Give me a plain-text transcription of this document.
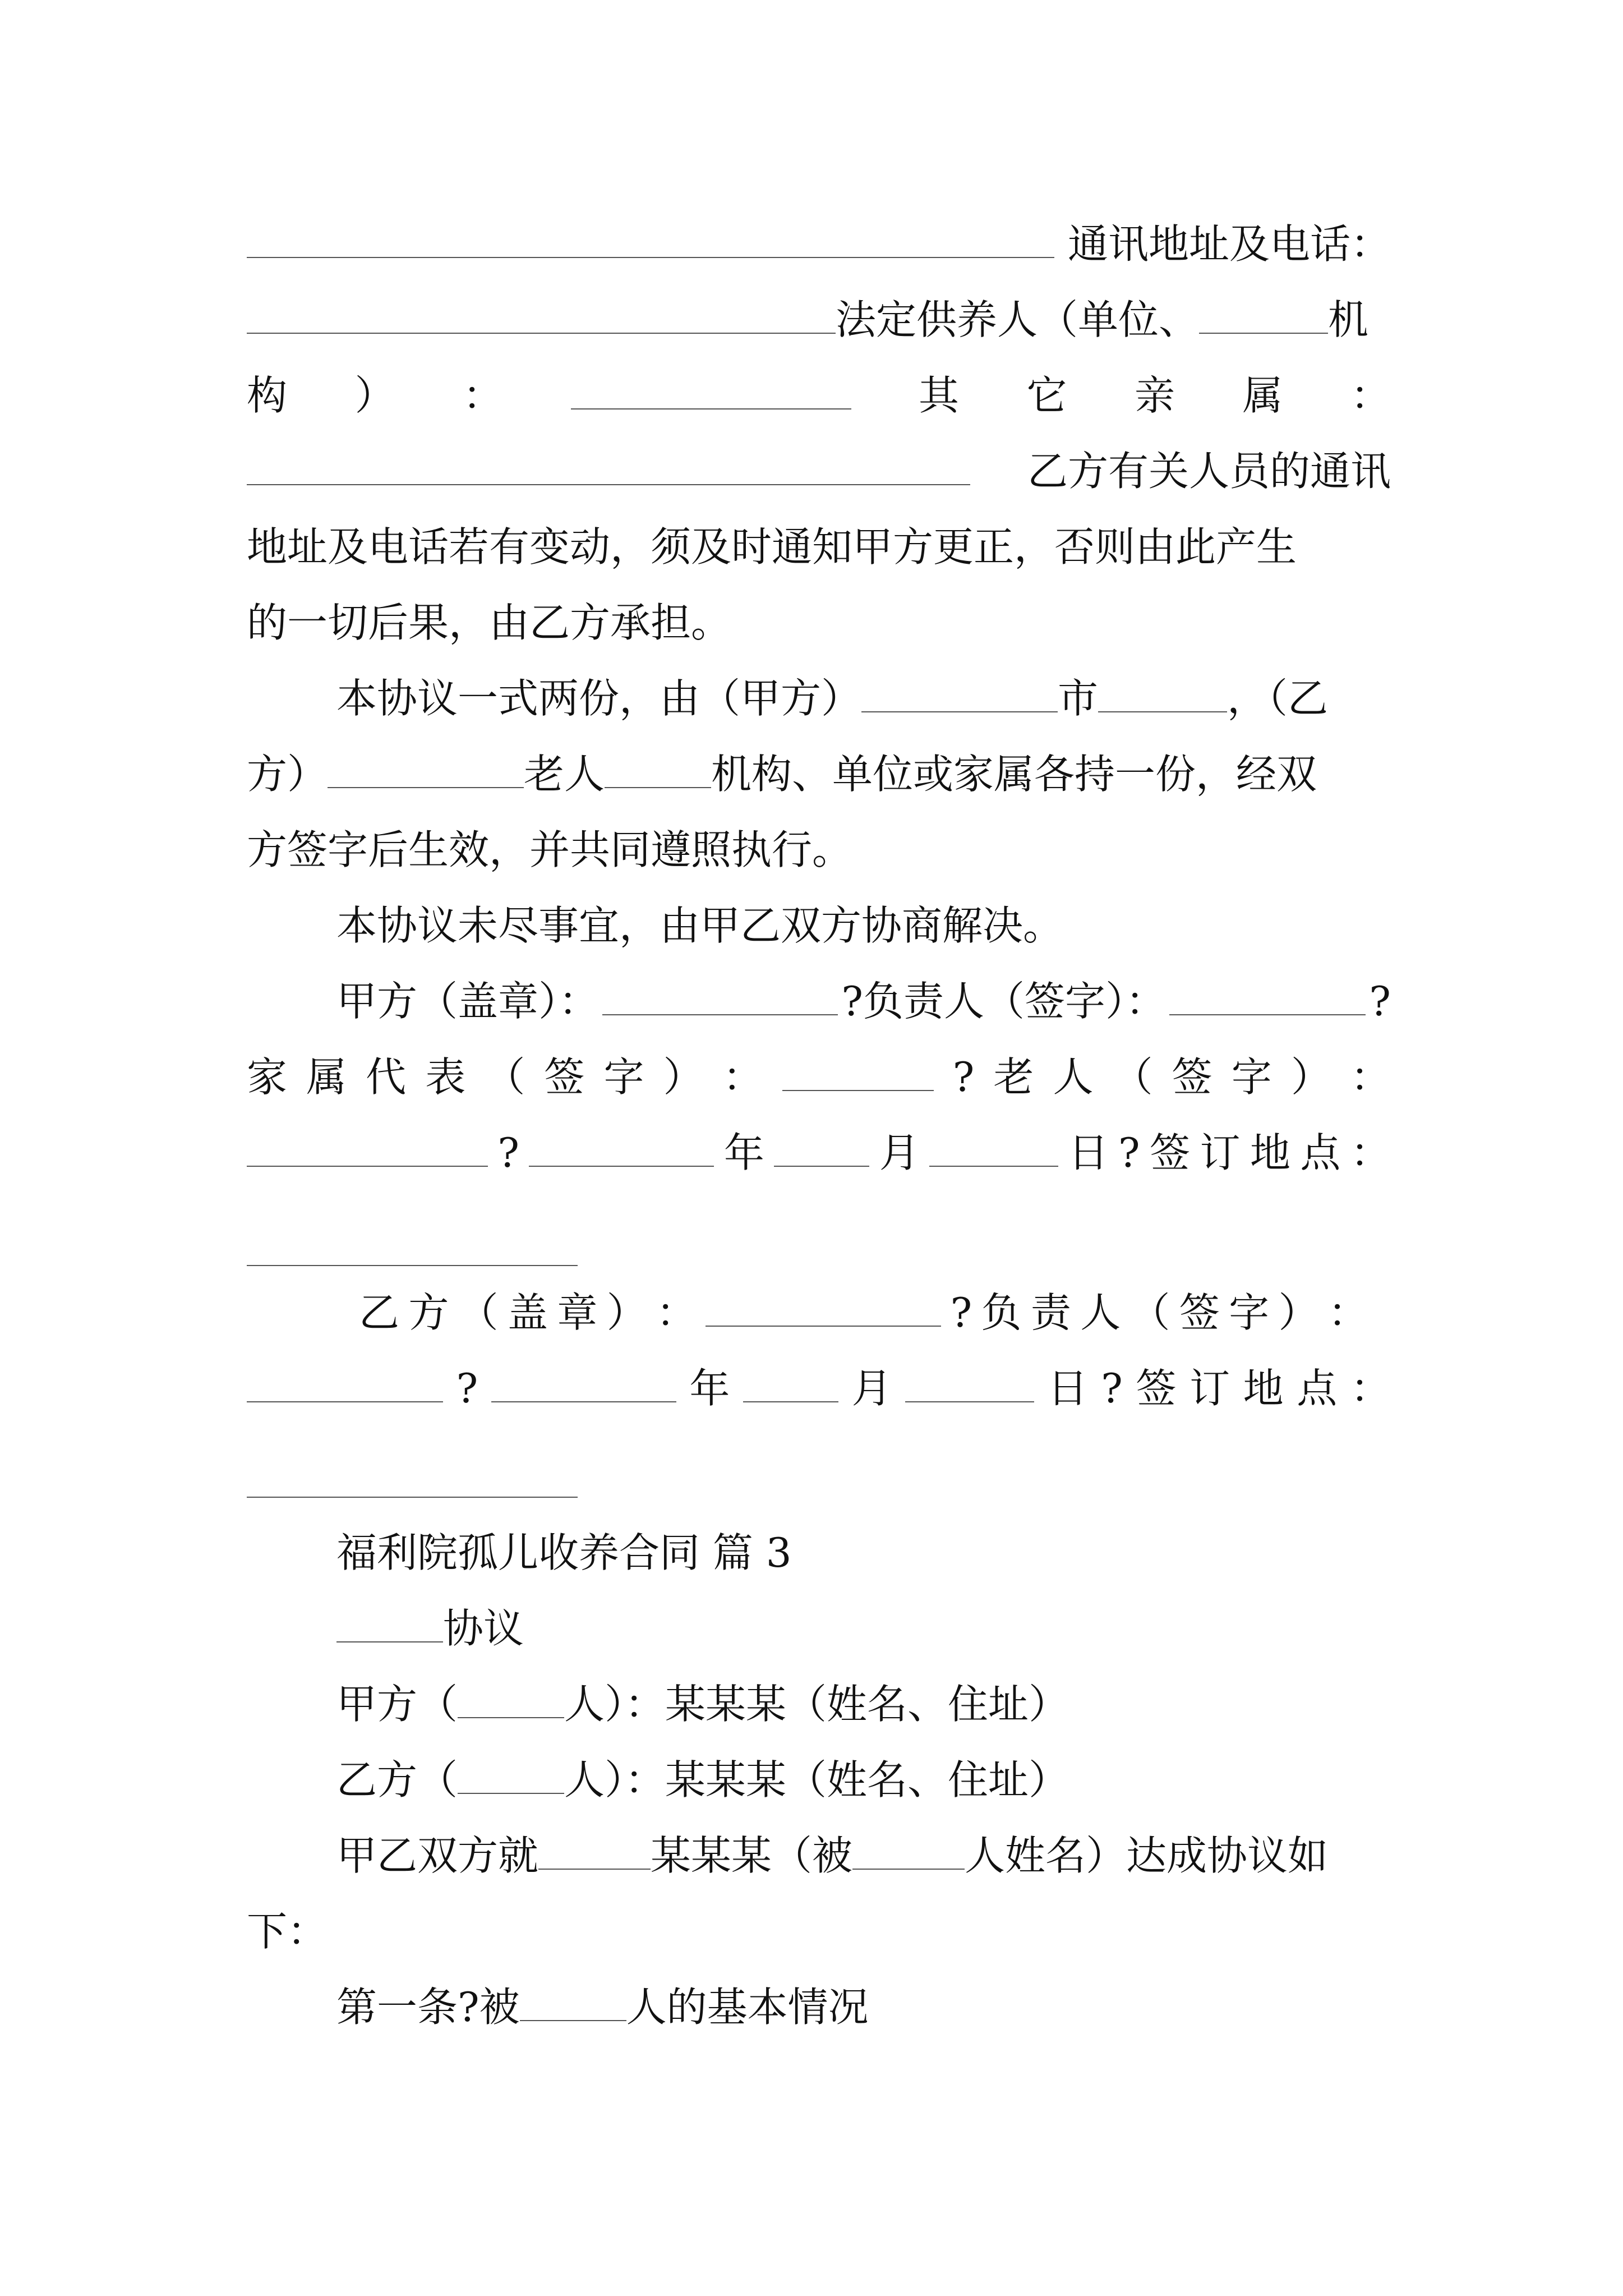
通讯地址及电话：
法定供养人（单位、	机
构 ） ：	其 它 亲 属 ：
乙方有关人员的通讯
地址及电话若有变动，须及时通知甲方更正，否则由此产生
的一切后果，由乙方承担。
本协议一式两份，由（甲方）	市	，（乙
方）	老人	机构、单位或家属各持一份，经双
方签字后生效，并共同遵照执行。
本协议未尽事宜，由甲乙双方协商解决。
甲方（盖章）：	?负责人（签字）：	?
家 属 代 表 （ 签 字 ） ：	? 老 人 （ 签 字 ） ：
?	年	月	日 ? 签 订 地 点 ：
乙 方 （ 盖 章 ） ：	? 负 责 人 （ 签 字 ） ：
?	年	月	日 ? 签 订 地 点 ：
福利院孤儿收养合同 篇 3
协议
甲方（	人）：某某某（姓名、住址）
乙方（	人）：某某某（姓名、住址）
甲乙双方就	某某某（被	人姓名）达成协议如
下：
第一条?被	人的基本情况
